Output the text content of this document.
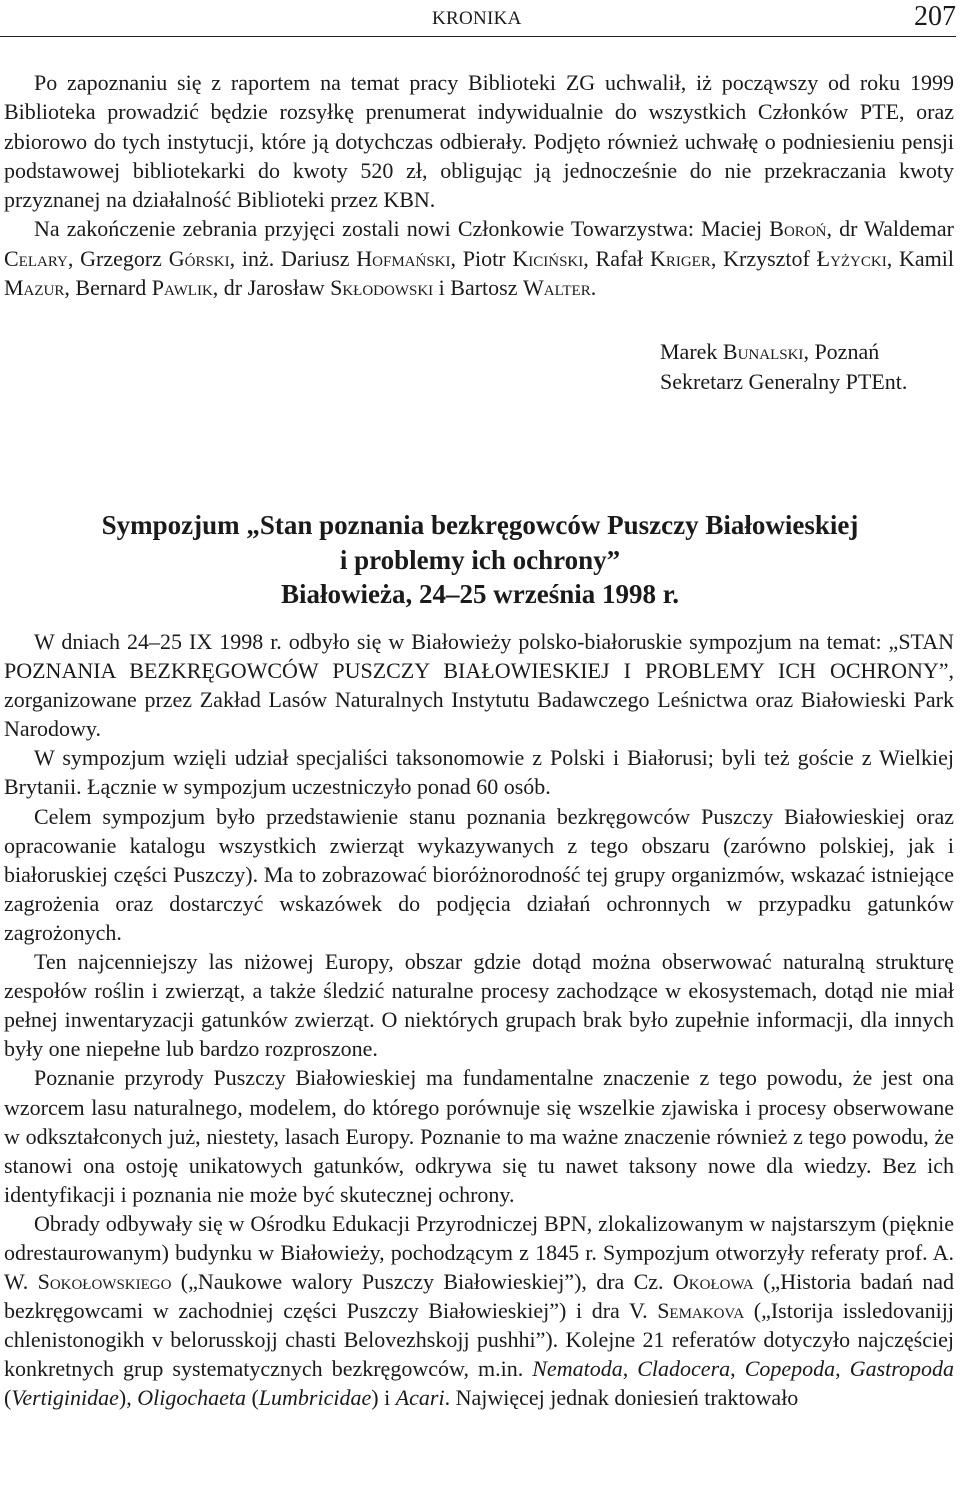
KRONIKA	207

Po zapoznaniu się z raportem na temat pracy Biblioteki ZG uchwalił, iż począwszy od roku 1999 Biblioteka prowadzić będzie rozsyłkę prenumerat indywidualnie do wszystkich Członków PTE, oraz zbiorowo do tych instytucji, które ją dotychczas odbierały. Podjęto również uchwałę o podniesieniu pensji podstawowej bibliotekarki do kwoty 520 zł, obligując ją jednocześnie do nie przekraczania kwoty przyznanej na działalność Biblioteki przez KBN.

Na zakończenie zebrania przyjęci zostali nowi Członkowie Towarzystwa: Maciej Boroń, dr Waldemar Celary, Grzegorz Górski, inż. Dariusz Hofmański, Piotr Kiciński, Rafał Kriger, Krzysztof Łyżycki, Kamil Mazur, Bernard Pawlik, dr Jarosław Skłodowski i Bartosz Walter.

Marek Bunalski, Poznań
Sekretarz Generalny PTEnt.
Sympozjum „Stan poznania bezkręgowców Puszczy Białowieskiej
i problemy ich ochrony”
Białowieża, 24–25 września 1998 r.

W dniach 24–25 IX 1998 r. odbyło się w Białowieży polsko-białoruskie sympozjum na temat: „STAN POZNANIA BEZKRĘGOWCÓW PUSZCZY BIAŁOWIESKIEJ I PROBLEMY ICH OCHRONY”, zorganizowane przez Zakład Lasów Naturalnych Instytutu Badawczego Leśnictwa oraz Białowieski Park Narodowy.

W sympozjum wzięli udział specjaliści taksonomowie z Polski i Białorusi; byli też goście z Wielkiej Brytanii. Łącznie w sympozjum uczestniczyło ponad 60 osób.

Celem sympozjum było przedstawienie stanu poznania bezkręgowców Puszczy Białowieskiej oraz opracowanie katalogu wszystkich zwierząt wykazywanych z tego obszaru (zarówno polskiej, jak i białoruskiej części Puszczy). Ma to zobrazować bioróżnorodność tej grupy organizmów, wskazać istniejące zagrożenia oraz dostarczyć wskazówek do podjęcia działań ochronnych w przypadku gatunków zagrożonych.

Ten najcenniejszy las niżowej Europy, obszar gdzie dotąd można obserwować naturalną strukturę zespołów roślin i zwierząt, a także śledzić naturalne procesy zachodzące w ekosystemach, dotąd nie miał pełnej inwentaryzacji gatunków zwierząt. O niektórych grupach brak było zupełnie informacji, dla innych były one niepełne lub bardzo rozproszone.

Poznanie przyrody Puszczy Białowieskiej ma fundamentalne znaczenie z tego powodu, że jest ona wzorcem lasu naturalnego, modelem, do którego porównuje się wszelkie zjawiska i procesy obserwowane w odkształconych już, niestety, lasach Europy. Poznanie to ma ważne znaczenie również z tego powodu, że stanowi ona ostoję unikatowych gatunków, odkrywa się tu nawet taksony nowe dla wiedzy. Bez ich identyfikacji i poznania nie może być skutecznej ochrony.

Obrady odbywały się w Ośrodku Edukacji Przyrodniczej BPN, zlokalizowanym w najstarszym (pięknie odrestaurowanym) budynku w Białowieży, pochodzącym z 1845 r. Sympozjum otworzyły referaty prof. A. W. Sokołowskiego („Naukowe walory Puszczy Białowieskiej”), dra Cz. Okołowa („Historia badań nad bezkręgowcami w zachodniej części Puszczy Białowieskiej”) i dra V. Semakova („Istorija issledovanijj chlenistonogikh v belorusskojj chasti Belovezhskojj pushhi”). Kolejne 21 referatów dotyczyło najczęściej konkretnych grup systematycznych bezkręgowców, m.in. Nematoda, Cladocera, Copepoda, Gastropoda (Vertiginidae), Oligochaeta (Lumbricidae) i Acari. Najwięcej jednak doniesień traktowało
